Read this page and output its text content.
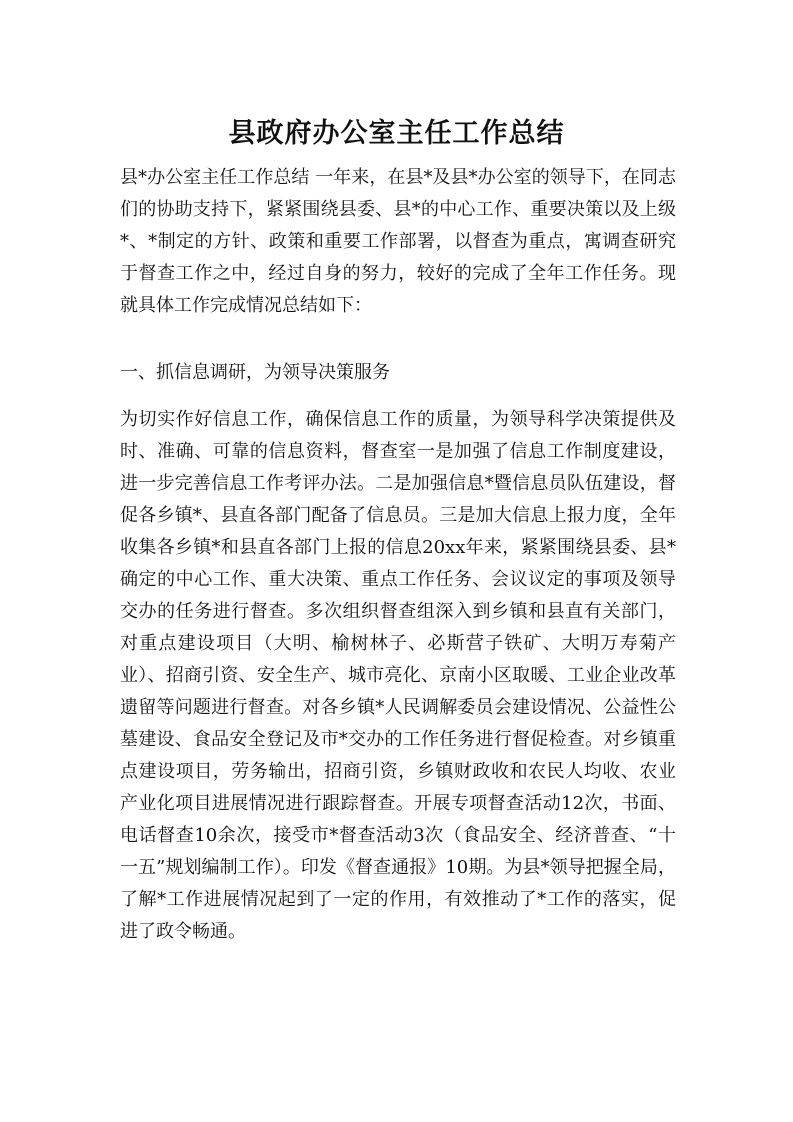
县政府办公室主任工作总结

县*办公室主任工作总结 一年来，在县*及县*办公室的领导下，在同志们的协助支持下，紧紧围绕县委、县*的中心工作、重要决策以及上级*、*制定的方针、政策和重要工作部署，以督查为重点，寓调查研究于督查工作之中，经过自身的努力，较好的完成了全年工作任务。现就具体工作完成情况总结如下：

一、抓信息调研，为领导决策服务

为切实作好信息工作，确保信息工作的质量，为领导科学决策提供及时、准确、可靠的信息资料，督查室一是加强了信息工作制度建设，进一步完善信息工作考评办法。二是加强信息*暨信息员队伍建设，督促各乡镇*、县直各部门配备了信息员。三是加大信息上报力度，全年收集各乡镇*和县直各部门上报的信息20xx年来，紧紧围绕县委、县*确定的中心工作、重大决策、重点工作任务、会议议定的事项及领导交办的任务进行督查。多次组织督查组深入到乡镇和县直有关部门，对重点建设项目（大明、榆树林子、必斯营子铁矿、大明万寿菊产业）、招商引资、安全生产、城市亮化、京南小区取暖、工业企业改革遗留等问题进行督查。对各乡镇*人民调解委员会建设情况、公益性公墓建设、食品安全登记及市*交办的工作任务进行督促检查。对乡镇重点建设项目，劳务输出，招商引资，乡镇财政收和农民人均收、农业产业化项目进展情况进行跟踪督查。开展专项督查活动12次，书面、电话督查10余次，接受市*督查活动3次（食品安全、经济普查、“十一五”规划编制工作）。印发《督查通报》10期。为县*领导把握全局，了解*工作进展情况起到了一定的作用，有效推动了*工作的落实，促进了政令畅通。
